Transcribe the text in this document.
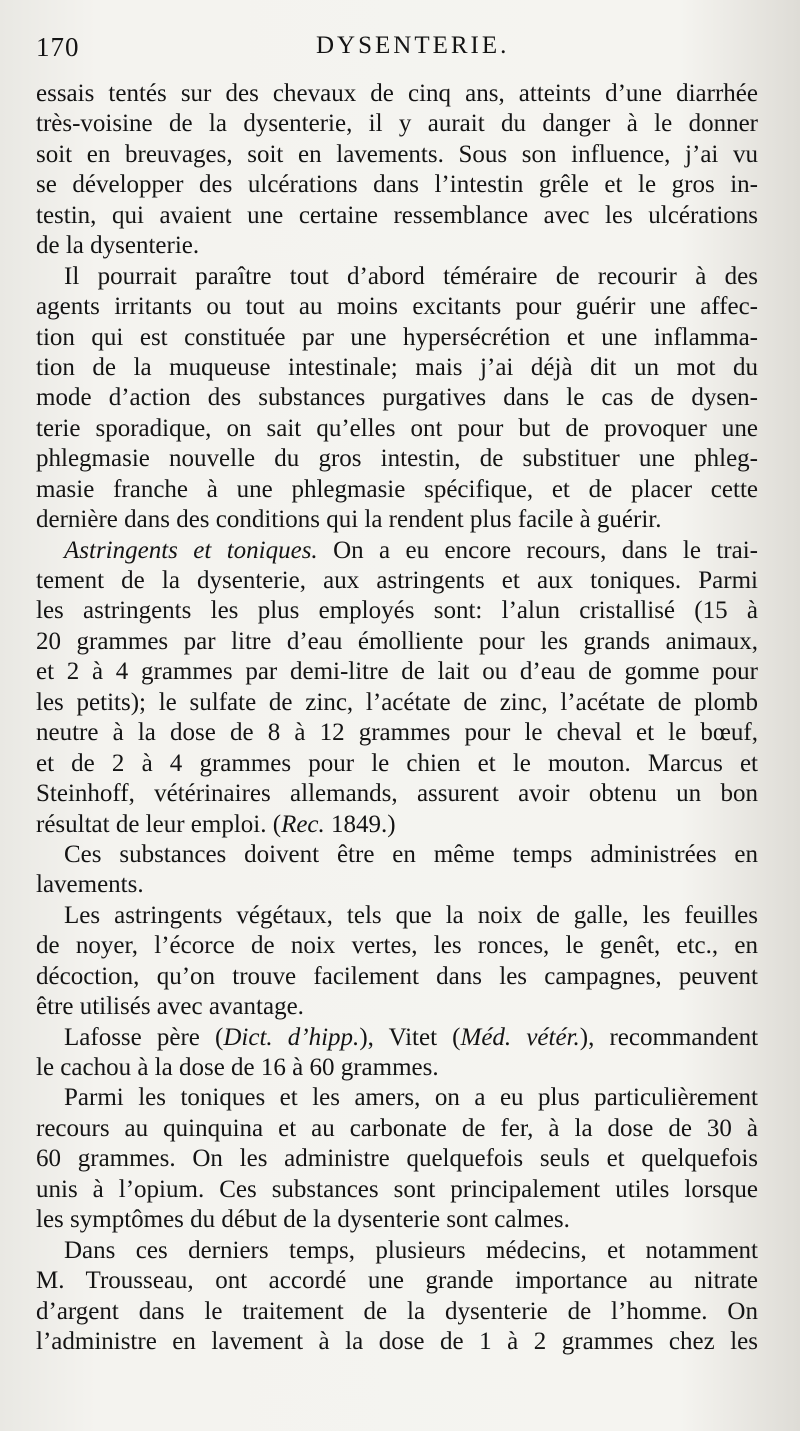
170	DYSENTERIE.
essais tentés sur des chevaux de cinq ans, atteints d’une diarrhée
très-voisine de la dysenterie, il y aurait du danger à le donner
soit en breuvages, soit en lavements. Sous son influence, j’ai vu
se développer des ulcérations dans l’intestin grêle et le gros in-
testin, qui avaient une certaine ressemblance avec les ulcérations
de la dysenterie.
Il pourrait paraître tout d’abord téméraire de recourir à des
agents irritants ou tout au moins excitants pour guérir une affec-
tion qui est constituée par une hypersécrétion et une inflamma-
tion de la muqueuse intestinale; mais j’ai déjà dit un mot du
mode d’action des substances purgatives dans le cas de dysen-
terie sporadique, on sait qu’elles ont pour but de provoquer une
phlegmasie nouvelle du gros intestin, de substituer une phleg-
masie franche à une phlegmasie spécifique, et de placer cette
dernière dans des conditions qui la rendent plus facile à guérir.
Astringents et toniques. On a eu encore recours, dans le trai-
tement de la dysenterie, aux astringents et aux toniques. Parmi
les astringents les plus employés sont: l’alun cristallisé (15 à
20 grammes par litre d’eau émolliente pour les grands animaux,
et 2 à 4 grammes par demi-litre de lait ou d’eau de gomme pour
les petits); le sulfate de zinc, l’acétate de zinc, l’acétate de plomb
neutre à la dose de 8 à 12 grammes pour le cheval et le bœuf,
et de 2 à 4 grammes pour le chien et le mouton. Marcus et
Steinhoff, vétérinaires allemands, assurent avoir obtenu un bon
résultat de leur emploi. (Rec. 1849.)
Ces substances doivent être en même temps administrées en
lavements.
Les astringents végétaux, tels que la noix de galle, les feuilles
de noyer, l’écorce de noix vertes, les ronces, le genêt, etc., en
décoction, qu’on trouve facilement dans les campagnes, peuvent
être utilisés avec avantage.
Lafosse père (Dict. d’hipp.), Vitet (Méd. vétér.), recommandent
le cachou à la dose de 16 à 60 grammes.
Parmi les toniques et les amers, on a eu plus particulièrement
recours au quinquina et au carbonate de fer, à la dose de 30 à
60 grammes. On les administre quelquefois seuls et quelquefois
unis à l’opium. Ces substances sont principalement utiles lorsque
les symptômes du début de la dysenterie sont calmes.
Dans ces derniers temps, plusieurs médecins, et notamment
M. Trousseau, ont accordé une grande importance au nitrate
d’argent dans le traitement de la dysenterie de l’homme. On
l’administre en lavement à la dose de 1 à 2 grammes chez les
